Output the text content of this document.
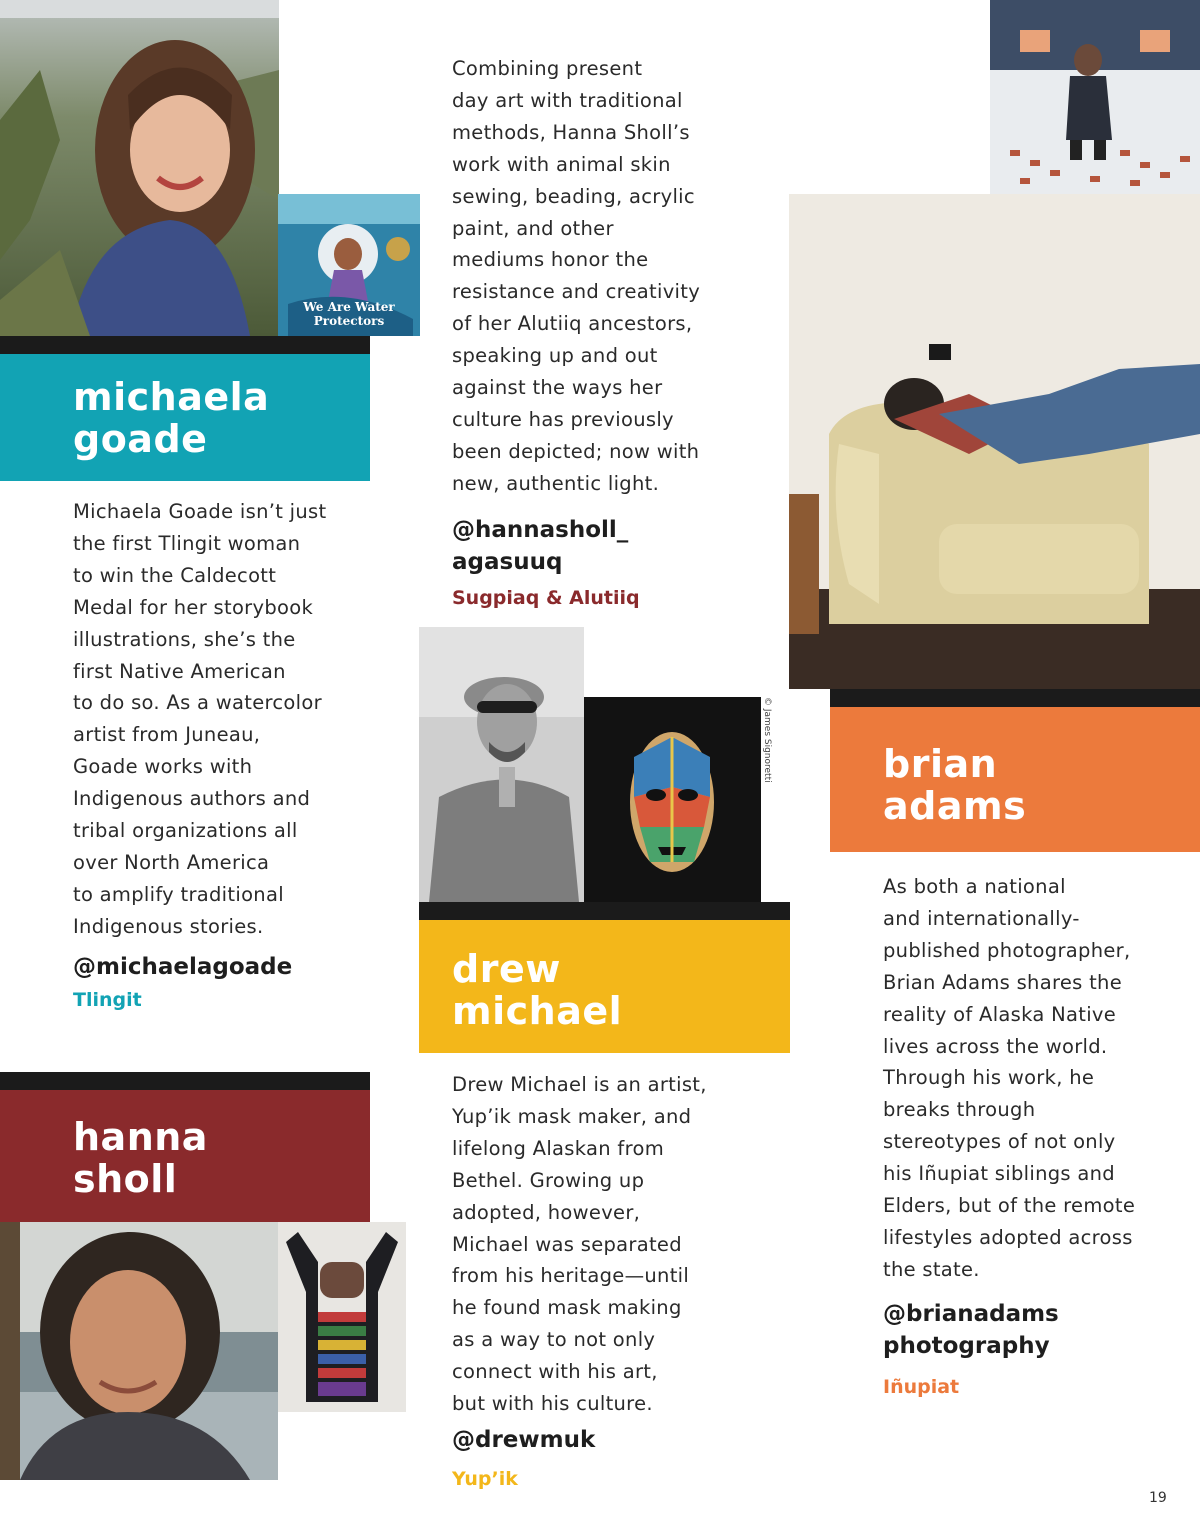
We Are Water Protectors
michaela
goade
Michaela Goade isn’t just
the first Tlingit woman
to win the Caldecott
Medal for her storybook
illustrations, she’s the
first Native American
to do so. As a watercolor
artist from Juneau,
Goade works with
Indigenous authors and
tribal organizations all
over North America
to amplify traditional
Indigenous stories.
@michaelagoade
Tlingit
hanna
sholl
Combining present
day art with traditional
methods, Hanna Sholl’s
work with animal skin
sewing, beading, acrylic
paint, and other
mediums honor the
resistance and creativity
of her Alutiiq ancestors,
speaking up and out
against the ways her
culture has previously
been depicted; now with
new, authentic light.
@hannasholl_
agasuuq
Sugpiaq & Alutiiq
© James Signoretti
drew
michael
Drew Michael is an artist,
Yup’ik mask maker, and
lifelong Alaskan from
Bethel. Growing up
adopted, however,
Michael was separated
from his heritage—until
he found mask making
as a way to not only
connect with his art,
but with his culture.
@drewmuk
Yup’ik
brian
adams
As both a national
and internationally-
published photographer,
Brian Adams shares the
reality of Alaska Native
lives across the world.
Through his work, he
breaks through
stereotypes of not only
his Iñupiat siblings and
Elders, but of the remote
lifestyles adopted across
the state.
@brianadams
photography
Iñupiat
19
